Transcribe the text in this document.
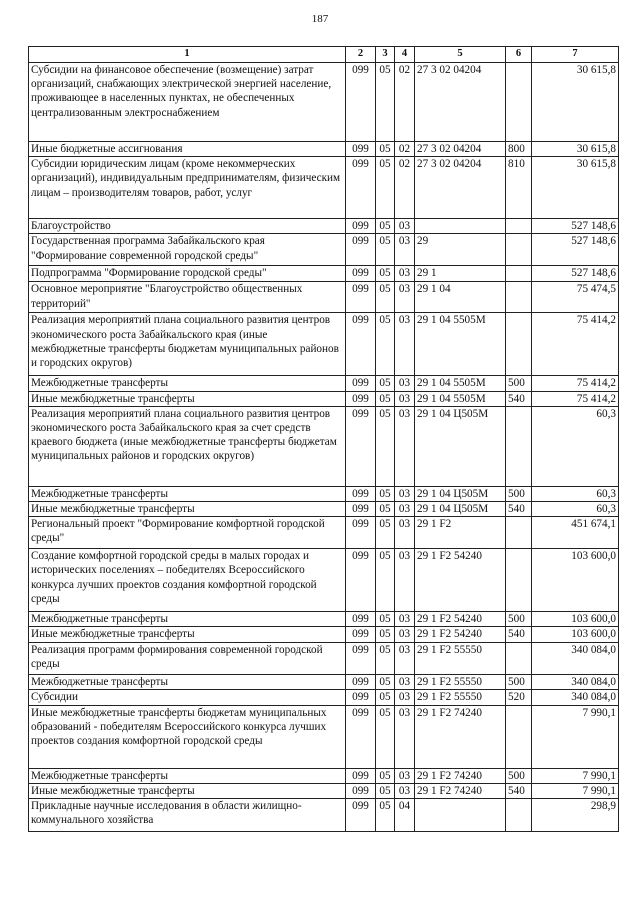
187
1	2	3	4	5	6	7
Субсидии на финансовое обеспечение (возмещение) затрат организаций, снабжающих электрической энергией население, проживающее в населенных пунктах, не обеспеченных централизованным электроснабжением	099	05	02	27 3 02 04204		30 615,8
Иные бюджетные ассигнования	099	05	02	27 3 02 04204	800	30 615,8
Субсидии юридическим лицам (кроме некоммерческих организаций), индивидуальным предпринимателям, физическим лицам – производителям товаров, работ, услуг	099	05	02	27 3 02 04204	810	30 615,8
Благоустройство	099	05	03			527 148,6
Государственная программа Забайкальского края "Формирование современной городской среды"	099	05	03	29		527 148,6
Подпрограмма "Формирование городской среды"	099	05	03	29 1		527 148,6
Основное мероприятие "Благоустройство общественных территорий"	099	05	03	29 1 04		75 474,5
Реализация мероприятий плана социального развития центров экономического роста Забайкальского края (иные межбюджетные трансферты бюджетам муниципальных районов и городских округов)	099	05	03	29 1 04 5505M		75 414,2
Межбюджетные трансферты	099	05	03	29 1 04 5505M	500	75 414,2
Иные межбюджетные трансферты	099	05	03	29 1 04 5505M	540	75 414,2
Реализация мероприятий плана социального развития центров экономического роста Забайкальского края за счет средств краевого бюджета (иные межбюджетные трансферты бюджетам муниципальных районов и городских округов)	099	05	03	29 1 04 Ц505M		60,3
Межбюджетные трансферты	099	05	03	29 1 04 Ц505M	500	60,3
Иные межбюджетные трансферты	099	05	03	29 1 04 Ц505M	540	60,3
Региональный проект "Формирование комфортной городской среды"	099	05	03	29 1 F2		451 674,1
Создание комфортной городской среды в малых городах и исторических поселениях – победителях Всероссийского конкурса лучших проектов создания комфортной городской среды	099	05	03	29 1 F2 54240		103 600,0
Межбюджетные трансферты	099	05	03	29 1 F2 54240	500	103 600,0
Иные межбюджетные трансферты	099	05	03	29 1 F2 54240	540	103 600,0
Реализация программ формирования современной городской среды	099	05	03	29 1 F2 55550		340 084,0
Межбюджетные трансферты	099	05	03	29 1 F2 55550	500	340 084,0
Субсидии	099	05	03	29 1 F2 55550	520	340 084,0
Иные межбюджетные трансферты бюджетам муниципальных образований - победителям Всероссийского конкурса лучших проектов создания комфортной городской среды	099	05	03	29 1 F2 74240		7 990,1
Межбюджетные трансферты	099	05	03	29 1 F2 74240	500	7 990,1
Иные межбюджетные трансферты	099	05	03	29 1 F2 74240	540	7 990,1
Прикладные научные исследования в области жилищно-коммунального хозяйства	099	05	04			298,9
